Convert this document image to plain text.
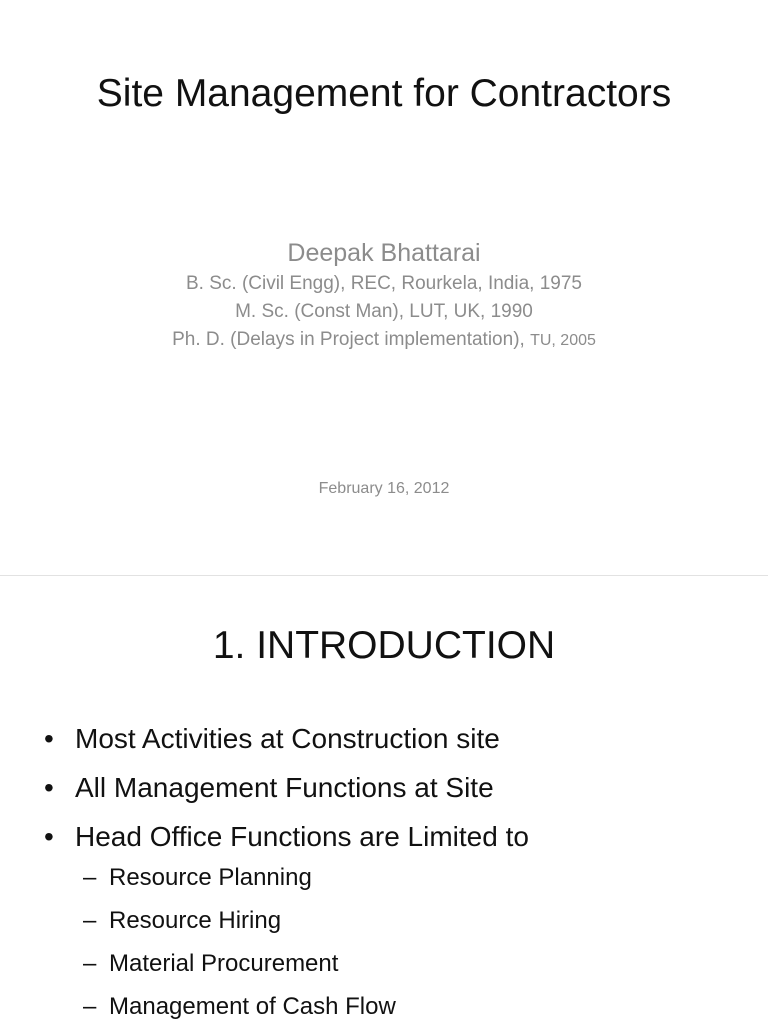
Site Management for Contractors
Deepak Bhattarai
B. Sc. (Civil Engg), REC, Rourkela, India, 1975
M. Sc. (Const Man), LUT, UK, 1990
Ph. D. (Delays in Project implementation), TU, 2005
February 16, 2012
1. INTRODUCTION
• Most Activities at Construction site
• All Management Functions at Site
• Head Office Functions are Limited to
– Resource Planning
– Resource Hiring
– Material Procurement
– Management of Cash Flow
